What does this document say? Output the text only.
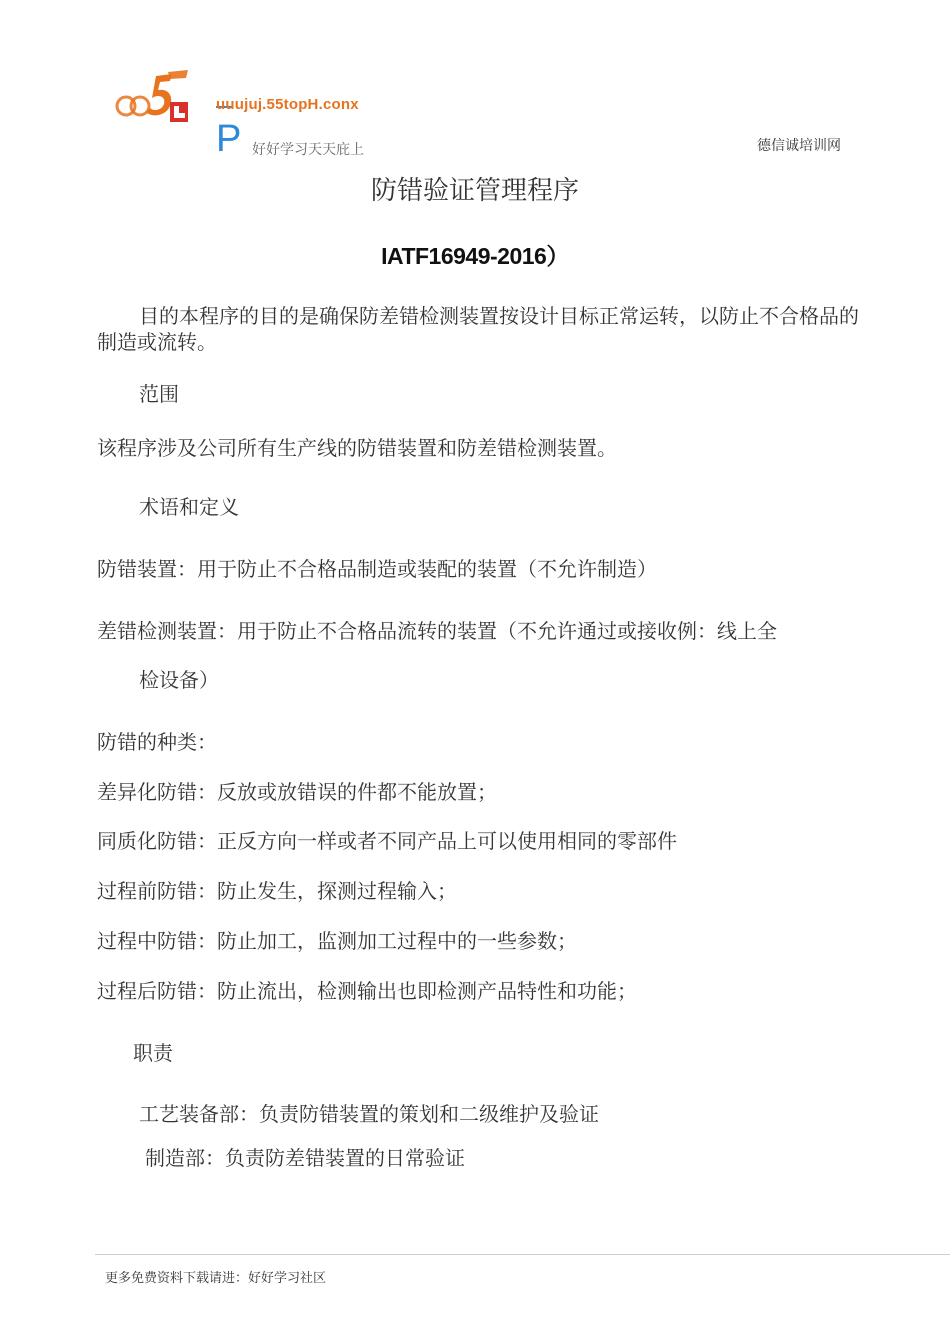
uuujuj.55topH.conx
P 好好学习天天庇上	德信诚培训网
防错验证管理程序
IATF16949-2016）
目的本程序的目的是确保防差错检测装置按设计目标正常运转，以防止不合格品的制造或流转。
范围
该程序涉及公司所有生产线的防错装置和防差错检测装置。
术语和定义
防错装置：用于防止不合格品制造或装配的装置（不允许制造）
差错检测装置：用于防止不合格品流转的装置（不允许通过或接收例：线上全
检设备）
防错的种类：
差异化防错：反放或放错误的件都不能放置；
同质化防错：正反方向一样或者不同产品上可以使用相同的零部件
过程前防错：防止发生，探测过程输入；
过程中防错：防止加工，监测加工过程中的一些参数；
过程后防错：防止流出，检测输出也即检测产品特性和功能；
职责
工艺装备部：负责防错装置的策划和二级维护及验证
制造部：负责防差错装置的日常验证
更多免费资料下载请进：好好学习社区
